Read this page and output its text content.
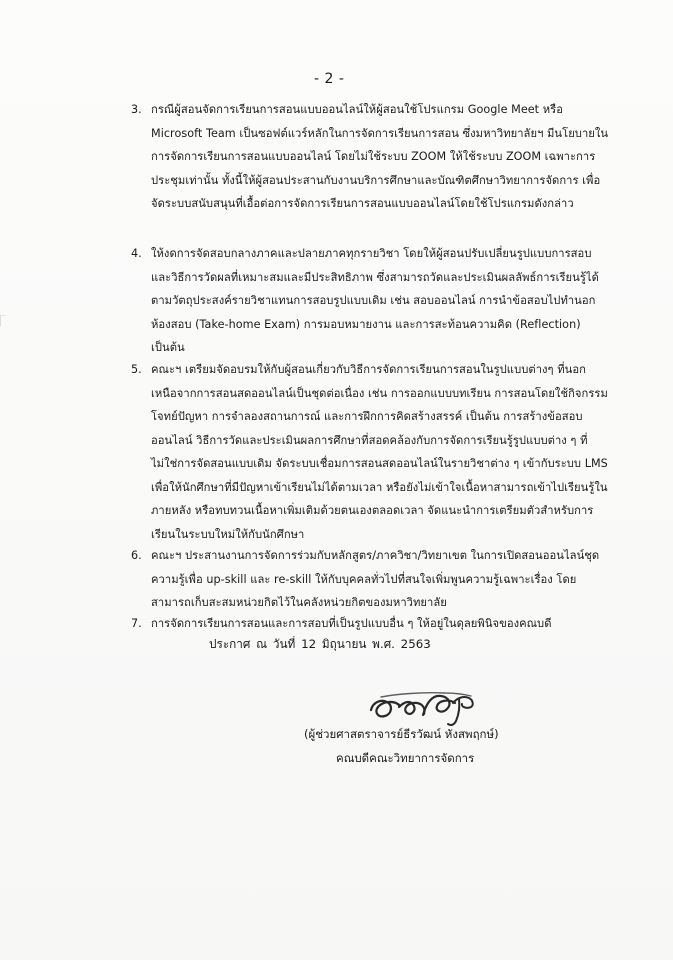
- 2 -
3. กรณีผู้สอนจัดการเรียนการสอนแบบออนไลน์ให้ผู้สอนใช้โปรแกรม Google Meet หรือ Microsoft Team เป็นซอฟต์แวร์หลักในการจัดการเรียนการสอน ซึ่งมหาวิทยาลัยฯ มีนโยบายในการจัดการเรียนการสอนแบบออนไลน์ โดยไม่ใช้ระบบ ZOOM ให้ใช้ระบบ ZOOM เฉพาะการประชุมเท่านั้น ทั้งนี้ให้ผู้สอนประสานกับงานบริการศึกษาและบัณฑิตศึกษาวิทยาการจัดการ เพื่อจัดระบบสนับสนุนที่เอื้อต่อการจัดการเรียนการสอนแบบออนไลน์โดยใช้โปรแกรมดังกล่าว

4. ให้งดการจัดสอบกลางภาคและปลายภาคทุกรายวิชา โดยให้ผู้สอนปรับเปลี่ยนรูปแบบการสอบและวิธีการวัดผลที่เหมาะสมและมีประสิทธิภาพ ซึ่งสามารถวัดและประเมินผลลัพธ์การเรียนรู้ได้ตามวัตถุประสงค์รายวิชาแทนการสอบรูปแบบเดิม เช่น สอบออนไลน์ การนำข้อสอบไปทำนอกห้องสอบ (Take-home Exam) การมอบหมายงาน และการสะท้อนความคิด (Reflection) เป็นต้น

5. คณะฯ เตรียมจัดอบรมให้กับผู้สอนเกี่ยวกับวิธีการจัดการเรียนการสอนในรูปแบบต่างๆ ที่นอกเหนือจากการสอนสดออนไลน์เป็นชุดต่อเนื่อง เช่น การออกแบบบทเรียน การสอนโดยใช้กิจกรรมโจทย์ปัญหา การจำลองสถานการณ์ และการฝึกการคิดสร้างสรรค์ เป็นต้น การสร้างข้อสอบออนไลน์ วิธีการวัดและประเมินผลการศึกษาที่สอดคล้องกับการจัดการเรียนรู้รูปแบบต่าง ๆ ที่ไม่ใช่การจัดสอนแบบเดิม จัดระบบเชื่อมการสอนสดออนไลน์ในรายวิชาต่าง ๆ เข้ากับระบบ LMS เพื่อให้นักศึกษาที่มีปัญหาเข้าเรียนไม่ได้ตามเวลา หรือยังไม่เข้าใจเนื้อหาสามารถเข้าไปเรียนรู้ในภายหลัง หรือทบทวนเนื้อหาเพิ่มเติมด้วยตนเองตลอดเวลา จัดแนะนำการเตรียมตัวสำหรับการเรียนในระบบใหม่ให้กับนักศึกษา

6. คณะฯ ประสานงานการจัดการร่วมกับหลักสูตร/ภาควิชา/วิทยาเขต ในการเปิดสอนออนไลน์ชุดความรู้เพื่อ up-skill และ re-skill ให้กับบุคคลทั่วไปที่สนใจเพิ่มพูนความรู้เฉพาะเรื่อง โดยสามารถเก็บสะสมหน่วยกิตไว้ในคลังหน่วยกิตของมหาวิทยาลัย

7. การจัดการเรียนการสอนและการสอบที่เป็นรูปแบบอื่น ๆ ให้อยู่ในดุลยพินิจของคณบดี

ประกาศ ณ วันที่ 12 มิถุนายน พ.ศ. 2563
(ผู้ช่วยศาสตราจารย์ธีรวัฒน์ หังสพฤกษ์)
คณบดีคณะวิทยาการจัดการ
